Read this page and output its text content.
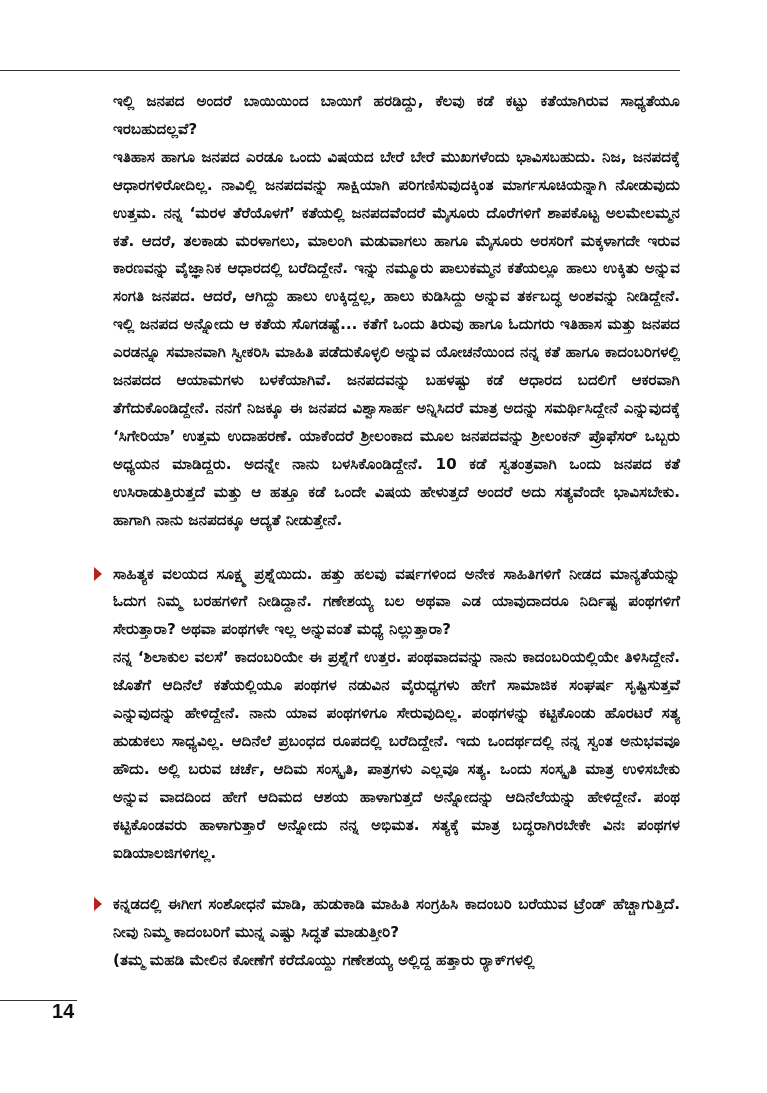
ಇಲ್ಲಿ ಜನಪದ ಅಂದರೆ ಬಾಯಿಯಿಂದ ಬಾಯಿಗೆ ಹರಡಿದ್ದು, ಕೆಲವು ಕಡೆ ಕಟ್ಟು ಕತೆಯಾಗಿರುವ ಸಾಧ್ಯತೆಯೂ ಇರಬಹುದಲ್ಲವೆ?

ಇತಿಹಾಸ ಹಾಗೂ ಜನಪದ ಎರಡೂ ಒಂದು ವಿಷಯದ ಬೇರೆ ಬೇರೆ ಮುಖಗಳೆಂದು ಭಾವಿಸಬಹುದು. ನಿಜ, ಜನಪದಕ್ಕೆ ಆಧಾರಗಳಿರೋದಿಲ್ಲ. ನಾವಿಲ್ಲಿ ಜನಪದವನ್ನು ಸಾಕ್ಷಿಯಾಗಿ ಪರಿಗಣಿಸುವುದಕ್ಕಿಂತ ಮಾರ್ಗಸೂಚಿಯನ್ನಾಗಿ ನೋಡುವುದು ಉತ್ತಮ. ನನ್ನ ‘ಮರಳ ತೆರೆಯೊಳಗೆ’ ಕತೆಯಲ್ಲಿ ಜನಪದವೆಂದರೆ ಮೈಸೂರು ದೊರೆಗಳಿಗೆ ಶಾಪಕೊಟ್ಟ ಅಲಮೇಲಮ್ಮನ ಕತೆ. ಆದರೆ, ತಲಕಾಡು ಮರಳಾಗಲು, ಮಾಲಂಗಿ ಮಡುವಾಗಲು ಹಾಗೂ ಮೈಸೂರು ಅರಸರಿಗೆ ಮಕ್ಕಳಾಗದೇ ಇರುವ ಕಾರಣವನ್ನು ವೈಜ್ಞಾನಿಕ ಆಧಾರದಲ್ಲಿ ಬರೆದಿದ್ದೇನೆ. ಇನ್ನು ನಮ್ಮೂರು ಪಾಲುಕಮ್ಮನ ಕತೆಯಲ್ಲೂ ಹಾಲು ಉಕ್ಕಿತು ಅನ್ನುವ ಸಂಗತಿ ಜನಪದ. ಆದರೆ, ಆಗಿದ್ದು ಹಾಲು ಉಕ್ಕಿದ್ದಲ್ಲ, ಹಾಲು ಕುಡಿಸಿದ್ದು ಅನ್ನುವ ತರ್ಕಬದ್ಧ ಅಂಶವನ್ನು ನೀಡಿದ್ದೇನೆ. ಇಲ್ಲಿ ಜನಪದ ಅನ್ನೋದು ಆ ಕತೆಯ ಸೊಗಡಷ್ಟೆ... ಕತೆಗೆ ಒಂದು ತಿರುವು ಹಾಗೂ ಓದುಗರು ಇತಿಹಾಸ ಮತ್ತು ಜನಪದ ಎರಡನ್ನೂ ಸಮಾನವಾಗಿ ಸ್ವೀಕರಿಸಿ ಮಾಹಿತಿ ಪಡೆದುಕೊಳ್ಳಲಿ ಅನ್ನುವ ಯೋಚನೆಯಿಂದ ನನ್ನ ಕತೆ ಹಾಗೂ ಕಾದಂಬರಿಗಳಲ್ಲಿ ಜನಪದದ ಆಯಾಮಗಳು ಬಳಕೆಯಾಗಿವೆ. ಜನಪದವನ್ನು ಬಹಳಷ್ಟು ಕಡೆ ಆಧಾರದ ಬದಲಿಗೆ ಆಕರವಾಗಿ ತೆಗೆದುಕೊಂಡಿದ್ದೇನೆ. ನನಗೆ ನಿಜಕ್ಕೂ ಈ ಜನಪದ ವಿಶ್ವಾಸಾರ್ಹ ಅನ್ನಿಸಿದರೆ ಮಾತ್ರ ಅದನ್ನು ಸಮರ್ಥಿಸಿದ್ದೇನೆ ಎನ್ನುವುದಕ್ಕೆ ‘ಸಿಗೇರಿಯಾ’ ಉತ್ತಮ ಉದಾಹರಣೆ. ಯಾಕೆಂದರೆ ಶ್ರೀಲಂಕಾದ ಮೂಲ ಜನಪದವನ್ನು ಶ್ರೀಲಂಕನ್ ಪ್ರೊಫೆಸರ್ ಒಬ್ಬರು ಅಧ್ಯಯನ ಮಾಡಿದ್ದರು. ಅದನ್ನೇ ನಾನು ಬಳಸಿಕೊಂಡಿದ್ದೇನೆ. 10 ಕಡೆ ಸ್ವತಂತ್ರವಾಗಿ ಒಂದು ಜನಪದ ಕತೆ ಉಸಿರಾಡುತ್ತಿರುತ್ತದೆ ಮತ್ತು ಆ ಹತ್ತೂ ಕಡೆ ಒಂದೇ ವಿಷಯ ಹೇಳುತ್ತದೆ ಅಂದರೆ ಅದು ಸತ್ಯವೆಂದೇ ಭಾವಿಸಬೇಕು. ಹಾಗಾಗಿ ನಾನು ಜನಪದಕ್ಕೂ ಆದ್ಯತೆ ನೀಡುತ್ತೇನೆ.

ಸಾಹಿತ್ಯಕ ವಲಯದ ಸೂಕ್ಷ್ಮ ಪ್ರಶ್ನೆಯಿದು. ಹತ್ತು ಹಲವು ವರ್ಷಗಳಿಂದ ಅನೇಕ ಸಾಹಿತಿಗಳಿಗೆ ನೀಡದ ಮಾನ್ಯತೆಯನ್ನು ಓದುಗ ನಿಮ್ಮ ಬರಹಗಳಿಗೆ ನೀಡಿದ್ದಾನೆ. ಗಣೇಶಯ್ಯ ಬಲ ಅಥವಾ ಎಡ ಯಾವುದಾದರೂ ನಿರ್ದಿಷ್ಟ ಪಂಥಗಳಿಗೆ ಸೇರುತ್ತಾರಾ? ಅಥವಾ ಪಂಥಗಳೇ ಇಲ್ಲ ಅನ್ನುವಂತೆ ಮಧ್ಯೆ ನಿಲ್ಲುತ್ತಾರಾ?

ನನ್ನ ‘ಶಿಲಾಕುಲ ವಲಸೆ’ ಕಾದಂಬರಿಯೇ ಈ ಪ್ರಶ್ನೆಗೆ ಉತ್ತರ. ಪಂಥವಾದವನ್ನು ನಾನು ಕಾದಂಬರಿಯಲ್ಲಿಯೇ ತಿಳಿಸಿದ್ದೇನೆ. ಜೊತೆಗೆ ಆದಿನೆಲೆ ಕತೆಯಲ್ಲಿಯೂ ಪಂಥಗಳ ನಡುವಿನ ವೈರುಧ್ಯಗಳು ಹೇಗೆ ಸಾಮಾಜಿಕ ಸಂಘರ್ಷ ಸೃಷ್ಟಿಸುತ್ತವೆ ಎನ್ನುವುದನ್ನು ಹೇಳಿದ್ದೇನೆ. ನಾನು ಯಾವ ಪಂಥಗಳಿಗೂ ಸೇರುವುದಿಲ್ಲ. ಪಂಥಗಳನ್ನು ಕಟ್ಟಿಕೊಂಡು ಹೊರಟರೆ ಸತ್ಯ ಹುಡುಕಲು ಸಾಧ್ಯವಿಲ್ಲ. ಆದಿನೆಲೆ ಪ್ರಬಂಧದ ರೂಪದಲ್ಲಿ ಬರೆದಿದ್ದೇನೆ. ಇದು ಒಂದರ್ಥದಲ್ಲಿ ನನ್ನ ಸ್ವಂತ ಅನುಭವವೂ ಹೌದು. ಅಲ್ಲಿ ಬರುವ ಚರ್ಚೆ, ಆದಿಮ ಸಂಸ್ಕೃತಿ, ಪಾತ್ರಗಳು ಎಲ್ಲವೂ ಸತ್ಯ. ಒಂದು ಸಂಸ್ಕೃತಿ ಮಾತ್ರ ಉಳಿಸಬೇಕು ಅನ್ನುವ ವಾದದಿಂದ ಹೇಗೆ ಆದಿಮದ ಆಶಯ ಹಾಳಾಗುತ್ತದೆ ಅನ್ನೋದನ್ನು ಆದಿನೆಲೆಯನ್ನು ಹೇಳಿದ್ದೇನೆ. ಪಂಥ ಕಟ್ಟಿಕೊಂಡವರು ಹಾಳಾಗುತ್ತಾರೆ ಅನ್ನೋದು ನನ್ನ ಅಭಿಮತ. ಸತ್ಯಕ್ಕೆ ಮಾತ್ರ ಬದ್ಧರಾಗಿರಬೇಕೇ ವಿನಃ ಪಂಥಗಳ ಐಡಿಯಾಲಜಿಗಳಿಗಲ್ಲ.

ಕನ್ನಡದಲ್ಲಿ ಈಗೀಗ ಸಂಶೋಧನೆ ಮಾಡಿ, ಹುಡುಕಾಡಿ ಮಾಹಿತಿ ಸಂಗ್ರಹಿಸಿ ಕಾದಂಬರಿ ಬರೆಯುವ ಟ್ರೆಂಡ್ ಹೆಚ್ಚಾಗುತ್ತಿದೆ. ನೀವು ನಿಮ್ಮ ಕಾದಂಬರಿಗೆ ಮುನ್ನ ಎಷ್ಟು ಸಿದ್ಧತೆ ಮಾಡುತ್ತೀರಿ?

(ತಮ್ಮ ಮಹಡಿ ಮೇಲಿನ ಕೋಣೆಗೆ ಕರೆದೊಯ್ದು ಗಣೇಶಯ್ಯ ಅಲ್ಲಿದ್ದ ಹತ್ತಾರು ರ್‍ಯಾಕ್‌ಗಳಲ್ಲಿ

14
